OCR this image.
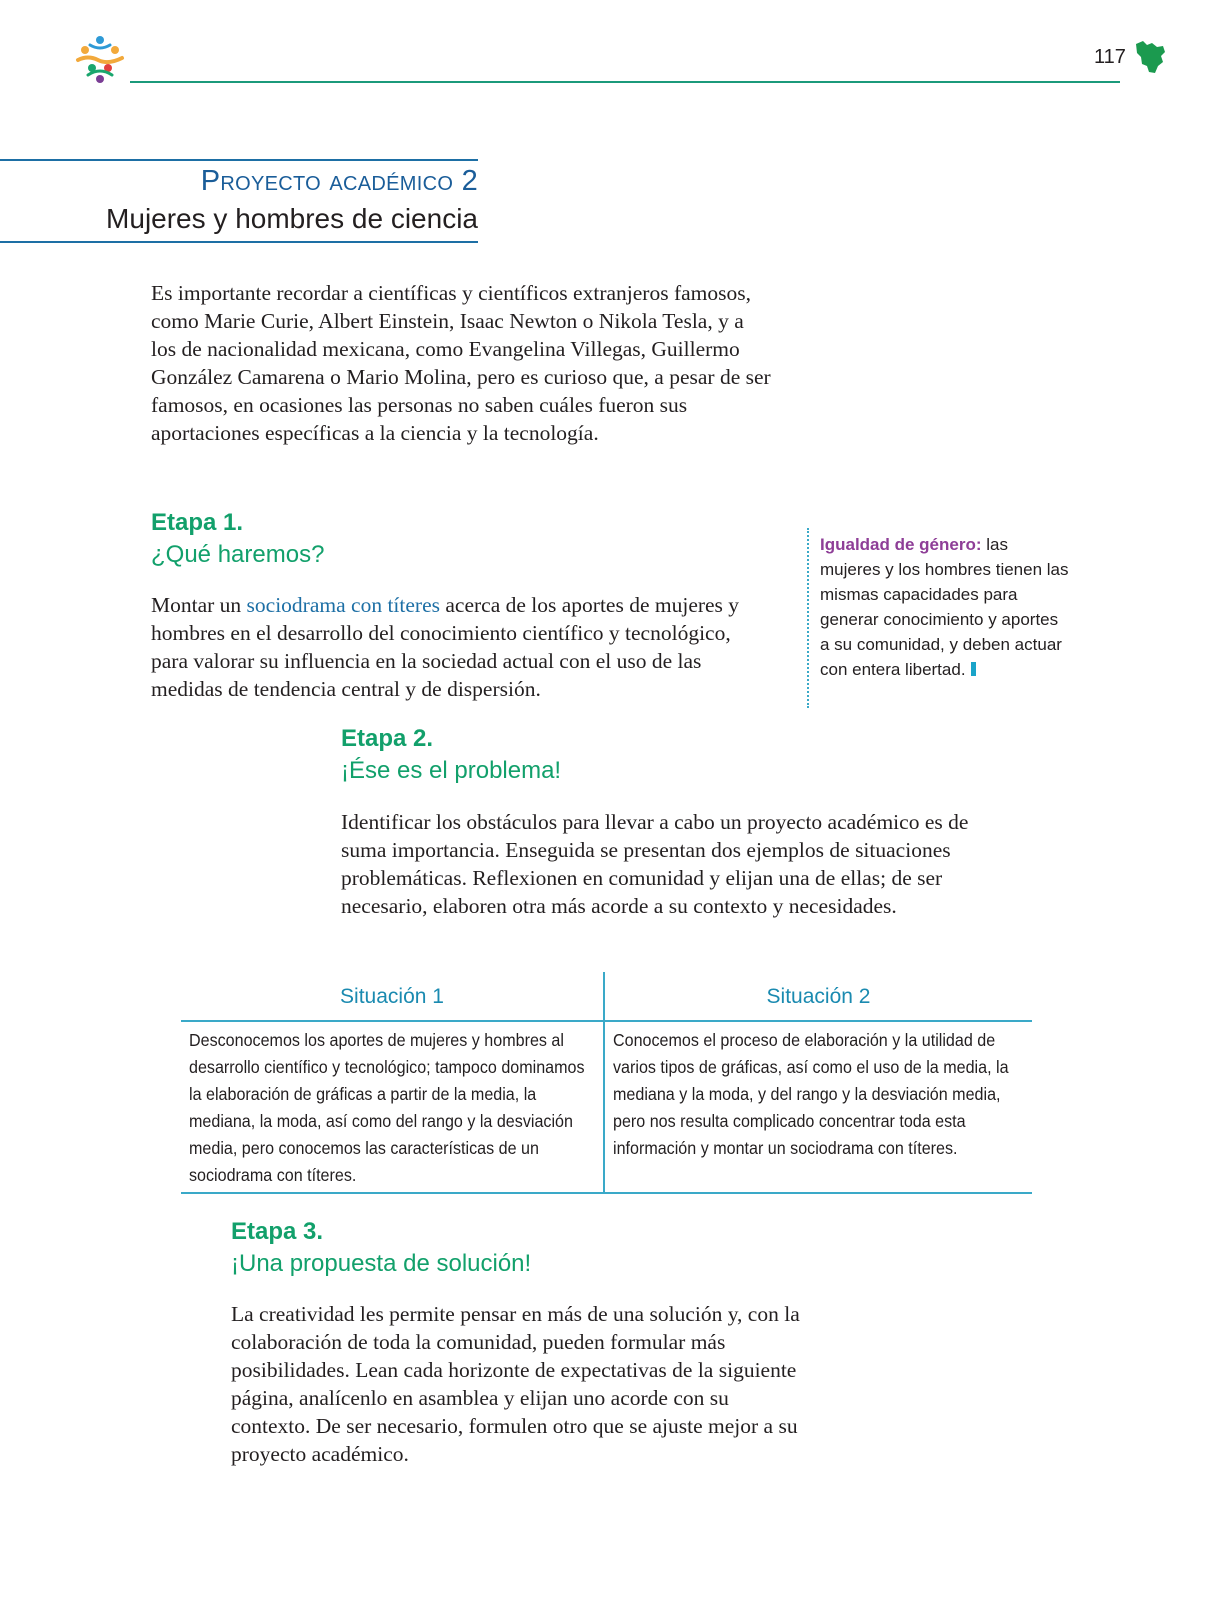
117
Proyecto académico 2
Mujeres y hombres de ciencia
Es importante recordar a científicas y científicos extranjeros famosos, como Marie Curie, Albert Einstein, Isaac Newton o Nikola Tesla, y a los de nacionalidad mexicana, como Evangelina Villegas, Guillermo González Camarena o Mario Molina, pero es curioso que, a pesar de ser famosos, en ocasiones las personas no saben cuáles fueron sus aportaciones específicas a la ciencia y la tecnología.
Etapa 1.
¿Qué haremos?
Montar un sociodrama con títeres acerca de los aportes de mujeres y hombres en el desarrollo del conocimiento científico y tecnológico, para valorar su influencia en la sociedad actual con el uso de las medidas de tendencia central y de dispersión.
Igualdad de género: las mujeres y los hombres tienen las mismas capacidades para generar conocimiento y aportes a su comunidad, y deben actuar con entera libertad.
Etapa 2.
¡Ése es el problema!
Identificar los obstáculos para llevar a cabo un proyecto académico es de suma importancia. Enseguida se presentan dos ejemplos de situaciones problemáticas. Reflexionen en comunidad y elijan una de ellas; de ser necesario, elaboren otra más acorde a su contexto y necesidades.
Situación 1	Situación 2
Desconocemos los aportes de mujeres y hombres al desarrollo científico y tecnológico; tampoco dominamos la elaboración de gráficas a partir de la media, la mediana, la moda, así como del rango y la desviación media, pero conocemos las características de un sociodrama con títeres.
Conocemos el proceso de elaboración y la utilidad de varios tipos de gráficas, así como el uso de la media, la mediana y la moda, y del rango y la desviación media, pero nos resulta complicado concentrar toda esta información y montar un sociodrama con títeres.
Etapa 3.
¡Una propuesta de solución!
La creatividad les permite pensar en más de una solución y, con la colaboración de toda la comunidad, pueden formular más posibilidades. Lean cada horizonte de expectativas de la siguiente página, analícenlo en asamblea y elijan uno acorde con su contexto. De ser necesario, formulen otro que se ajuste mejor a su proyecto académico.
